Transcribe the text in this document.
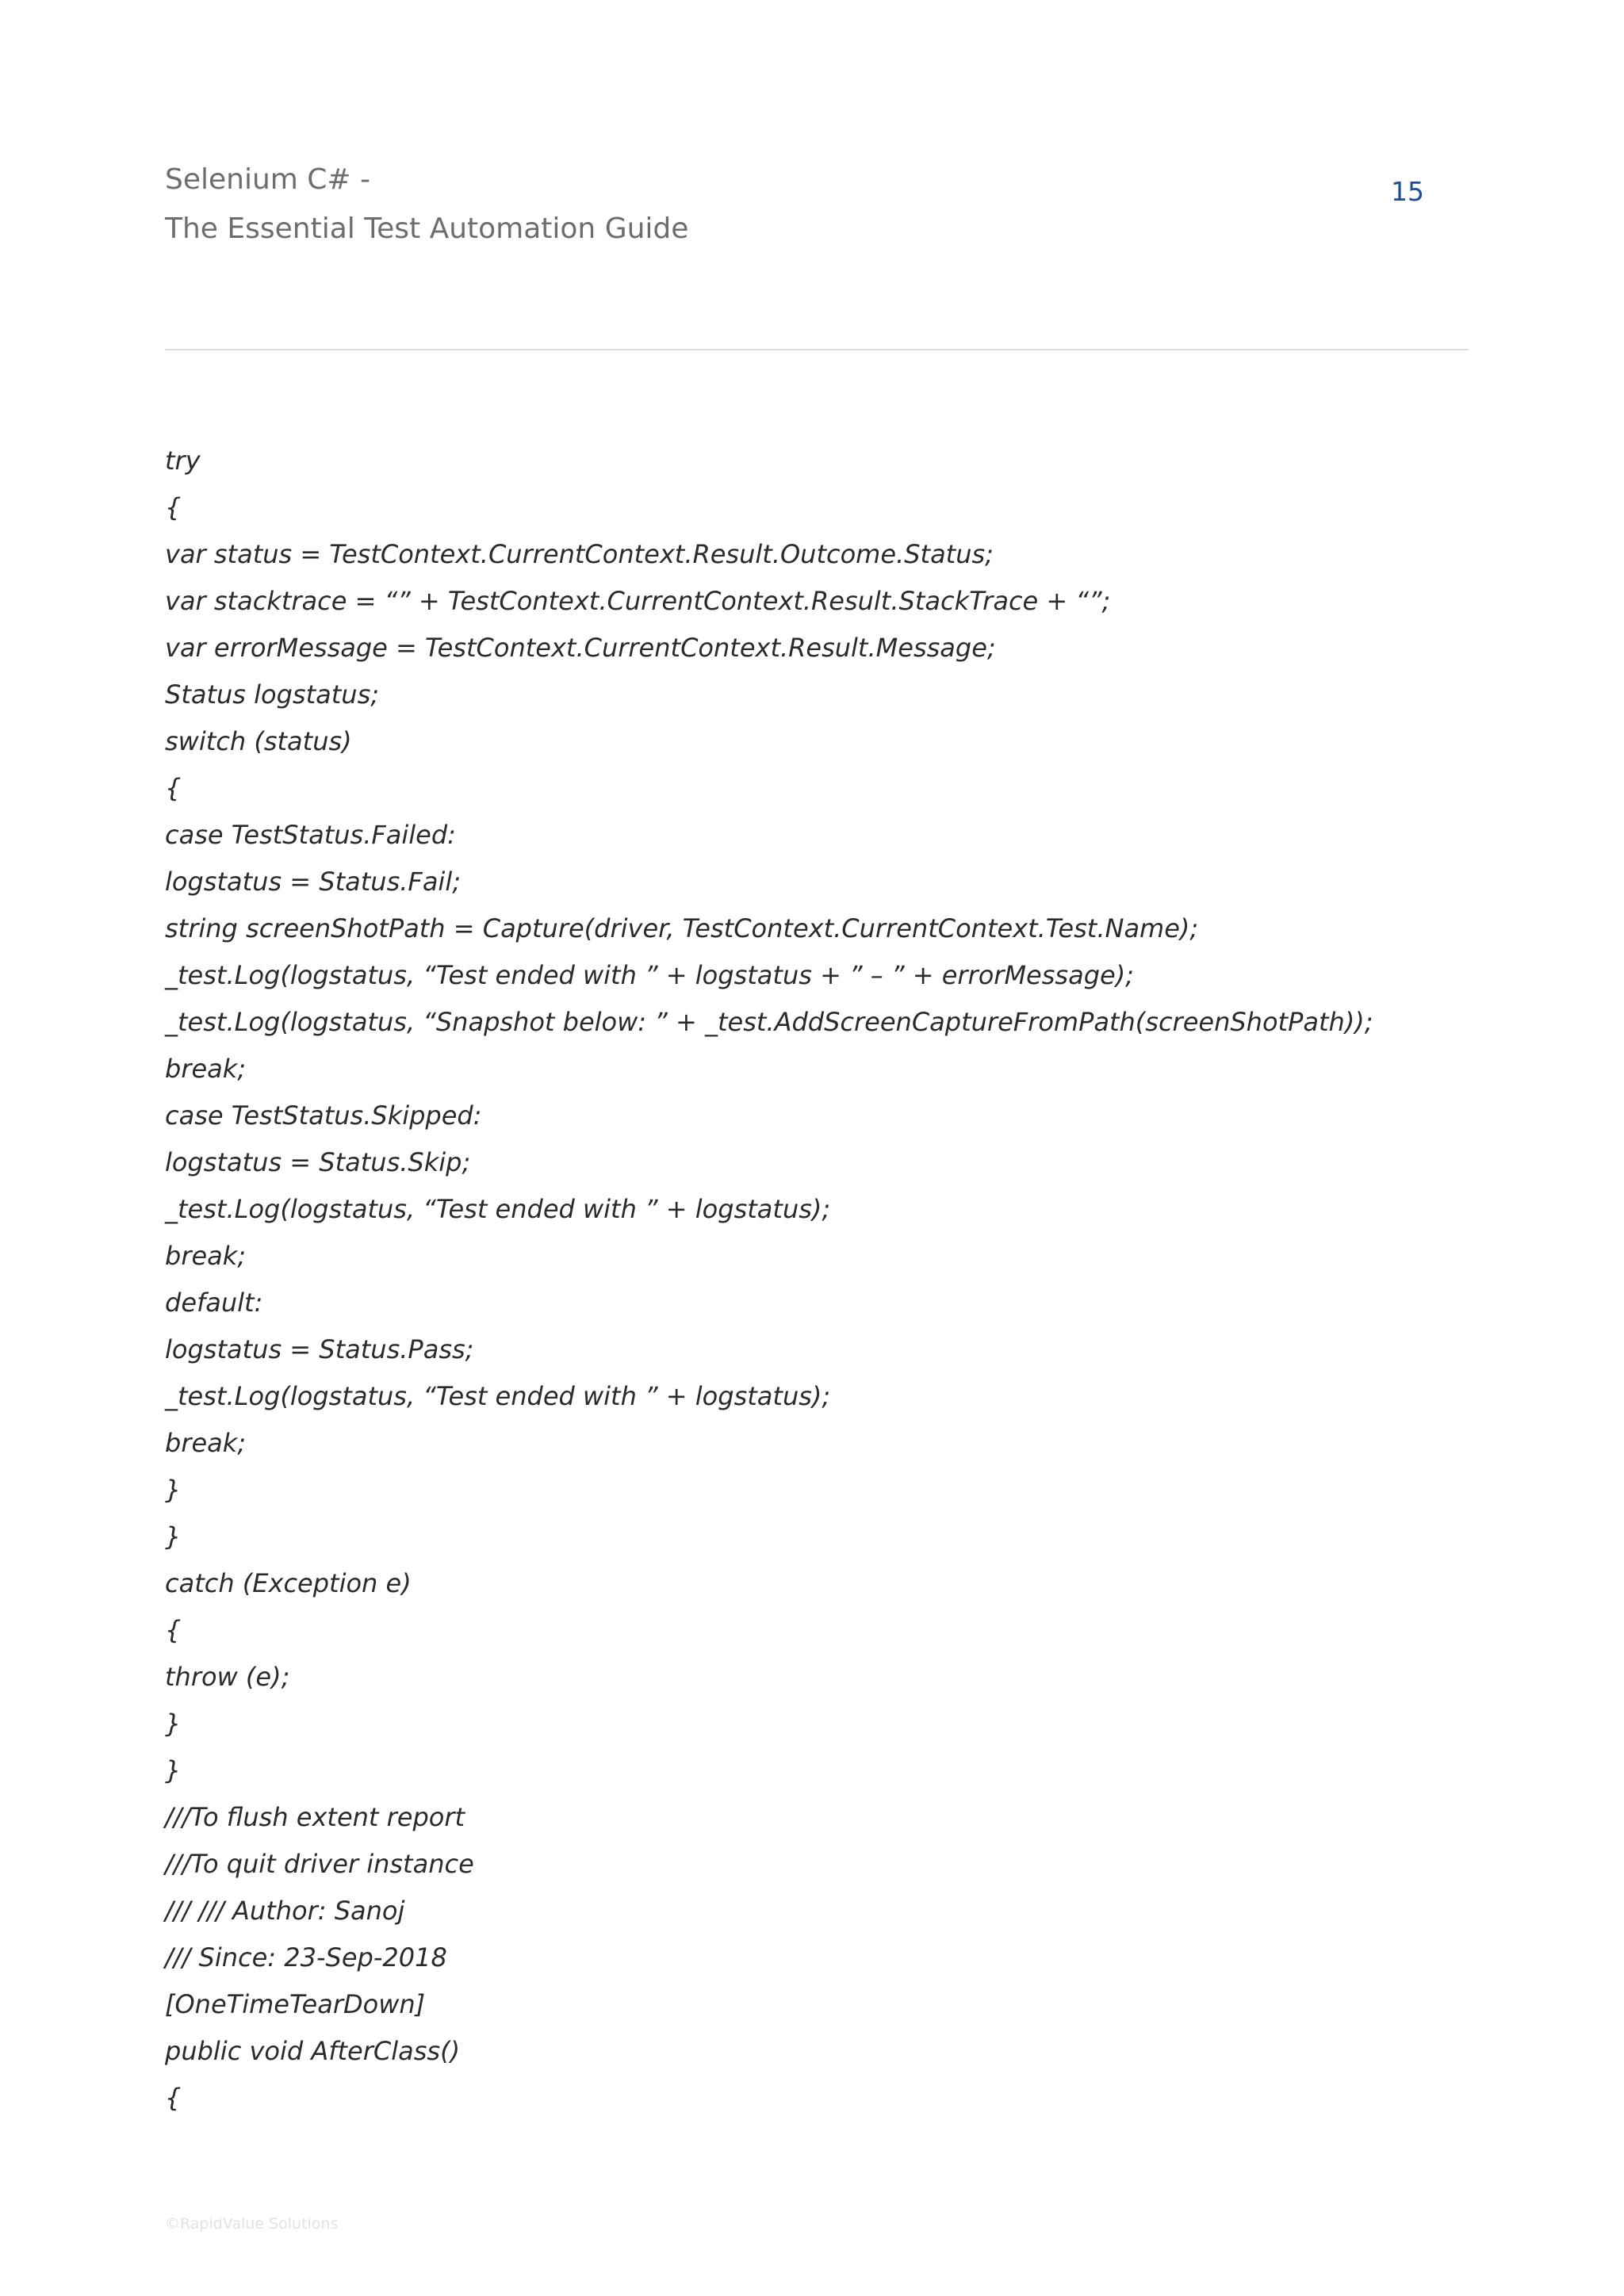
Selenium C# -
The Essential Test Automation Guide
15
try
{
var status = TestContext.CurrentContext.Result.Outcome.Status;
var stacktrace = “” + TestContext.CurrentContext.Result.StackTrace + “”;
var errorMessage = TestContext.CurrentContext.Result.Message;
Status logstatus;
switch (status)
{
case TestStatus.Failed:
logstatus = Status.Fail;
string screenShotPath = Capture(driver, TestContext.CurrentContext.Test.Name);
_test.Log(logstatus, “Test ended with ” + logstatus + ” – ” + errorMessage);
_test.Log(logstatus, “Snapshot below: ” + _test.AddScreenCaptureFromPath(screenShotPath));
break;
case TestStatus.Skipped:
logstatus = Status.Skip;
_test.Log(logstatus, “Test ended with ” + logstatus);
break;
default:
logstatus = Status.Pass;
_test.Log(logstatus, “Test ended with ” + logstatus);
break;
}
}
catch (Exception e)
{
throw (e);
}
}
///To flush extent report
///To quit driver instance
/// /// Author: Sanoj
/// Since: 23-Sep-2018
[OneTimeTearDown]
public void AfterClass()
{
©RapidValue Solutions
